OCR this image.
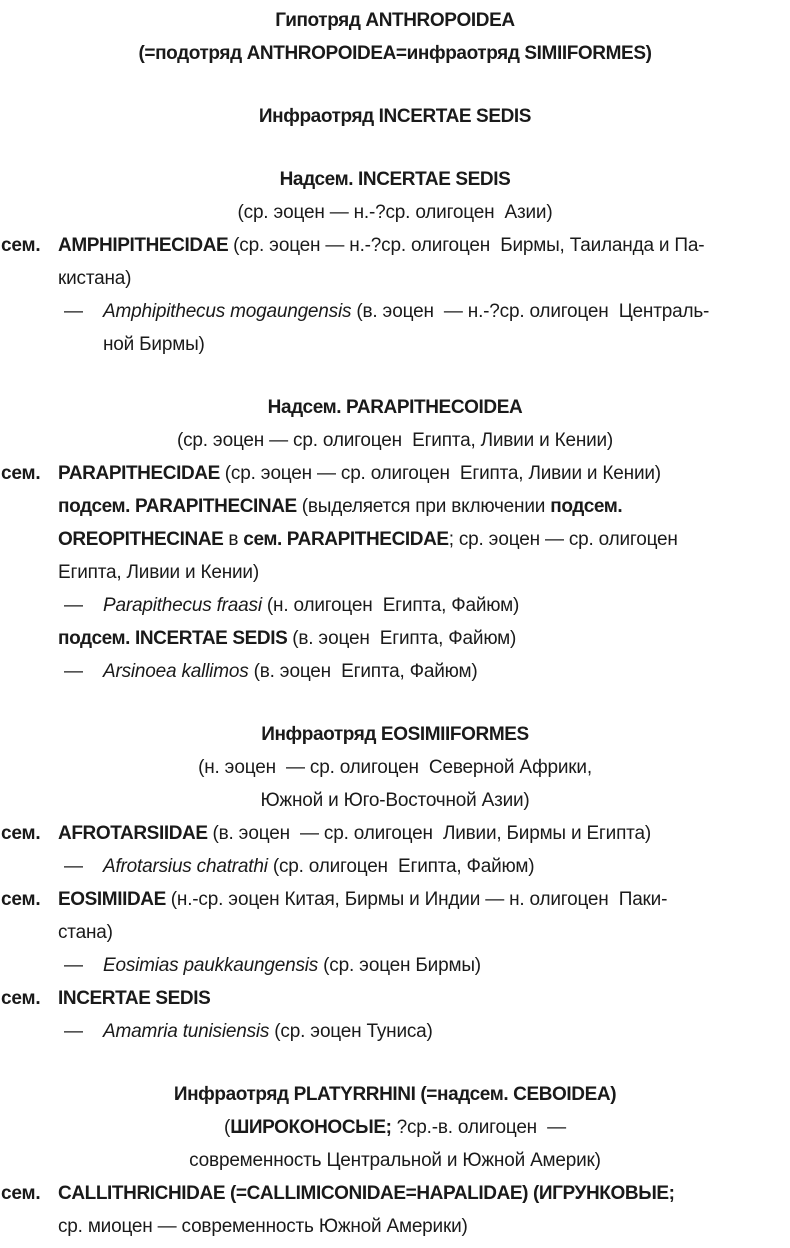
Гипотряд ANTHROPOIDEA
(=подотряд ANTHROPOIDEA=инфраотряд SIMIIFORMES)
Инфраотряд INCERTAE SEDIS
Надсем. INCERTAE SEDIS
(ср. эоцен — н.-?ср. олигоцен  Азии)
сем. AMPHIPITHECIDAE (ср. эоцен — н.-?ср. олигоцен  Бирмы, Таиланда и Па-
кистана)
— Amphipithecus mogaungensis (в. эоцен  — н.-?ср. олигоцен  Централь-
ной Бирмы)
Надсем. PARAPITHECOIDEA
(ср. эоцен — ср. олигоцен  Египта, Ливии и Кении)
сем. PARAPITHECIDAE (ср. эоцен — ср. олигоцен  Египта, Ливии и Кении)
подсем. PARAPITHECINAE (выделяется при включении подсем.
OREOPITHECINAE в сем. PARAPITHECIDAE; ср. эоцен — ср. олигоцен
Египта, Ливии и Кении)
— Parapithecus fraasi (н. олигоцен  Египта, Файюм)
подсем. INCERTAE SEDIS (в. эоцен  Египта, Файюм)
— Arsinoea kallimos (в. эоцен  Египта, Файюм)
Инфраотряд EOSIMIIFORMES
(н. эоцен  — ср. олигоцен  Северной Африки,
Южной и Юго-Восточной Азии)
сем. AFROTARSIIDAE (в. эоцен  — ср. олигоцен  Ливии, Бирмы и Египта)
— Afrotarsius chatrathi (ср. олигоцен  Египта, Файюм)
сем. EOSIMIIDAE (н.-ср. эоцен Китая, Бирмы и Индии — н. олигоцен  Паки-
стана)
— Eosimias paukkaungensis (ср. эоцен Бирмы)
сем. INCERTAE SEDIS
— Amamria tunisiensis (ср. эоцен Туниса)
Инфраотряд PLATYRRHINI (=надсем. CEBOIDEA)
(ШИРОКОНОСЫЕ; ?ср.-в. олигоцен  —
современность Центральной и Южной Америк)
сем. CALLITHRICHIDAE (=CALLIMICONIDAE=HAPALIDAE) (ИГРУНКОВЫЕ;
ср. миоцен — современность Южной Америки)
